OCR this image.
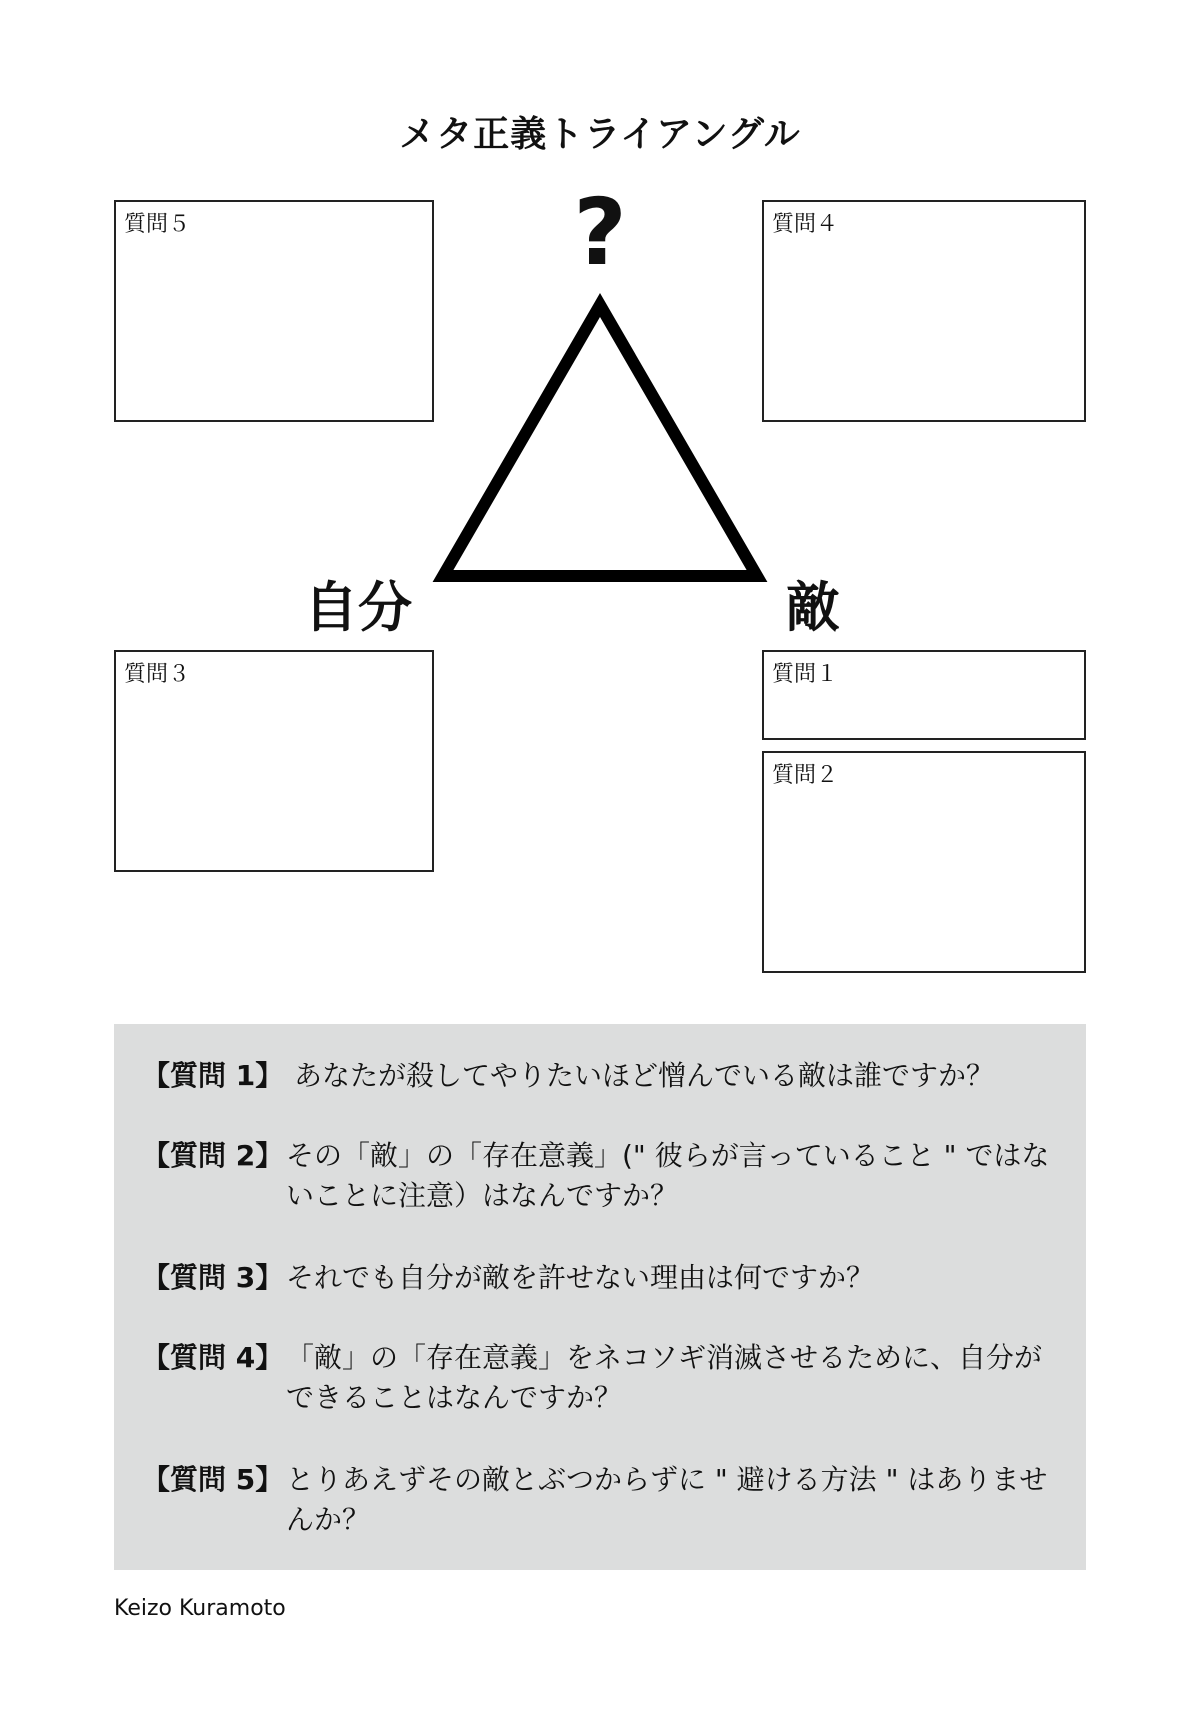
メタ正義トライアングル
?
自分	敵
質問５	質問４
質問３	質問１
質問２
【質問 1】 あなたが殺してやりたいほど憎んでいる敵は誰ですか？
【質問 2】 その「敵」の「存在意義」(" 彼らが言っていること " ではないことに注意）はなんですか？
【質問 3】 それでも自分が敵を許せない理由は何ですか？
【質問 4】 「敵」の「存在意義」をネコソギ消滅させるために、自分ができることはなんですか？
【質問 5】 とりあえずその敵とぶつからずに " 避ける方法 " はありませんか？
Keizo Kuramoto
